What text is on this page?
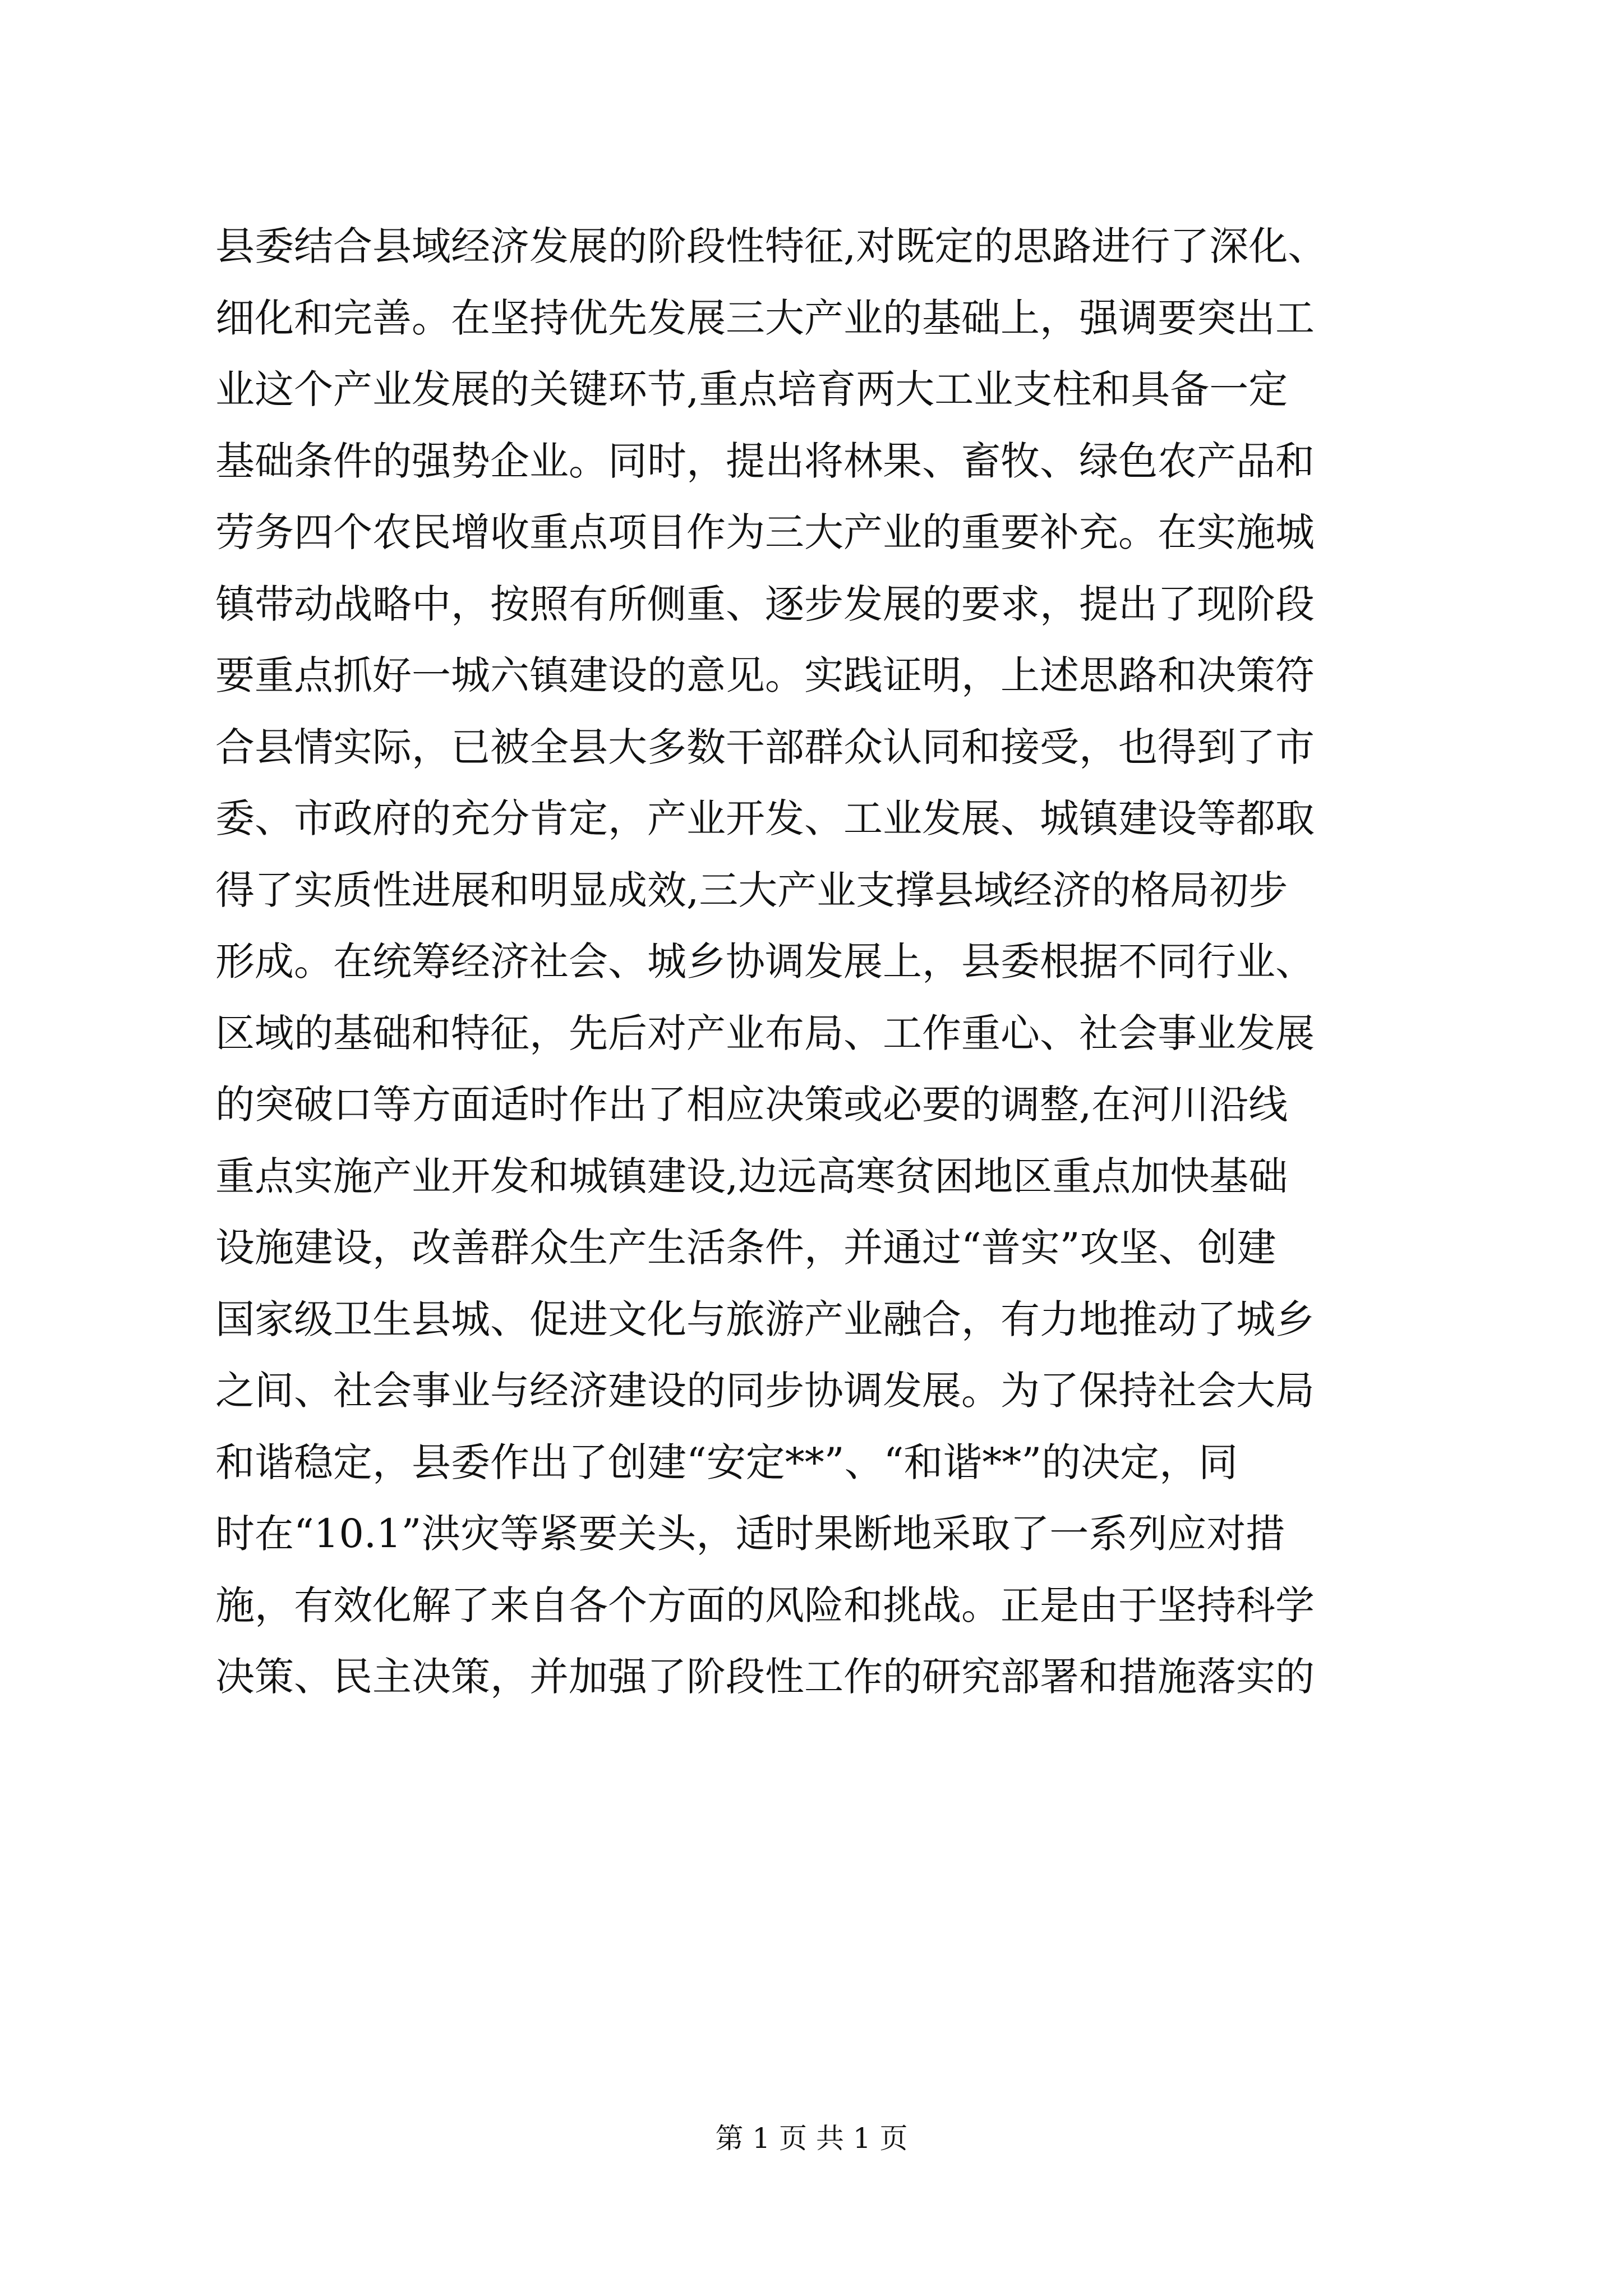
县委结合县域经济发展的阶段性特征,对既定的思路进行了深化、
细化和完善。在坚持优先发展三大产业的基础上，强调要突出工
业这个产业发展的关键环节,重点培育两大工业支柱和具备一定
基础条件的强势企业。同时，提出将林果、畜牧、绿色农产品和
劳务四个农民增收重点项目作为三大产业的重要补充。在实施城
镇带动战略中，按照有所侧重、逐步发展的要求，提出了现阶段
要重点抓好一城六镇建设的意见。实践证明，上述思路和决策符
合县情实际，已被全县大多数干部群众认同和接受，也得到了市
委、市政府的充分肯定，产业开发、工业发展、城镇建设等都取
得了实质性进展和明显成效,三大产业支撑县域经济的格局初步
形成。在统筹经济社会、城乡协调发展上，县委根据不同行业、
区域的基础和特征，先后对产业布局、工作重心、社会事业发展
的突破口等方面适时作出了相应决策或必要的调整,在河川沿线
重点实施产业开发和城镇建设,边远高寒贫困地区重点加快基础
设施建设，改善群众生产生活条件，并通过“普实”攻坚、创建
国家级卫生县城、促进文化与旅游产业融合，有力地推动了城乡
之间、社会事业与经济建设的同步协调发展。为了保持社会大局
和谐稳定，县委作出了创建“安定**”、“和谐**”的决定，同
时在“10.1”洪灾等紧要关头，适时果断地采取了一系列应对措
施，有效化解了来自各个方面的风险和挑战。正是由于坚持科学
决策、民主决策，并加强了阶段性工作的研究部署和措施落实的
第 1 页 共 1 页
